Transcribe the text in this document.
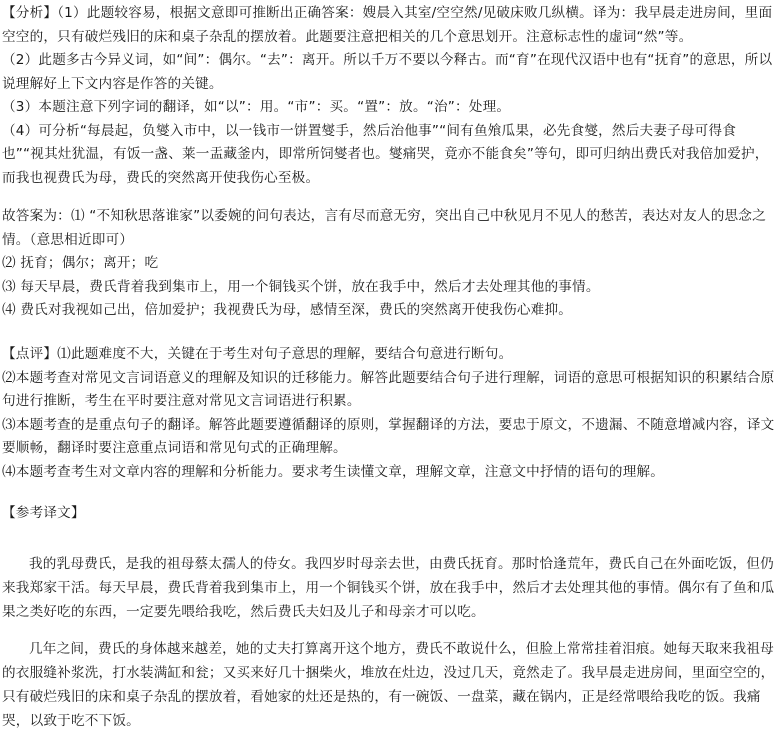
【分析】（1）此题较容易，根据文意即可推断出正确答案：嫂晨入其室/空空然/见破床败几纵横。译为：我早晨走进房间，里面空空的，只有破烂残旧的床和桌子杂乱的摆放着。此题要注意把相关的几个意思划开。注意标志性的虚词“然”等。

（2）此题多古今异义词，如“间”：偶尔。“去”：离开。所以千万不要以今释古。而“育”在现代汉语中也有“抚育”的意思，所以说理解好上下文内容是作答的关键。

（3）本题注意下列字词的翻译，如“以”：用。“市”：买。“置”：放。“治”：处理。

（4）可分析“每晨起，负燮入市中，以一钱市一饼置燮手，然后治他事”“间有鱼飧瓜果，必先食燮，然后夫妻子母可得食也”“视其灶犹温，有饭一盏、莱一盂藏釜内，即常所饲燮者也。燮痛哭，竟亦不能食矣”等句，即可归纳出费氏对我倍加爱护，而我也视费氏为母，费氏的突然离开使我伤心至极。

故答案为：⑴ “不知秋思落谁家”以委婉的问句表达，言有尽而意无穷，突出自己中秋见月不见人的愁苦，表达对友人的思念之情。（意思相近即可）

⑵ 抚育；偶尔；离开；吃

⑶ 每天早晨，费氏背着我到集市上，用一个铜钱买个饼，放在我手中，然后才去处理其他的事情。

⑷ 费氏对我视如己出，倍加爱护；我视费氏为母，感情至深，费氏的突然离开使我伤心难抑。

【点评】⑴此题难度不大，关键在于考生对句子意思的理解，要结合句意进行断句。

⑵本题考查对常见文言词语意义的理解及知识的迁移能力。解答此题要结合句子进行理解，词语的意思可根据知识的积累结合原句进行推断，考生在平时要注意对常见文言词语进行积累。

⑶本题考查的是重点句子的翻译。解答此题要遵循翻译的原则，掌握翻译的方法，要忠于原文，不遗漏、不随意增减内容，译文要顺畅，翻译时要注意重点词语和常见句式的正确理解。

⑷本题考查考生对文章内容的理解和分析能力。要求考生读懂文章，理解文章，注意文中抒情的语句的理解。

【参考译文】

我的乳母费氏，是我的祖母蔡太孺人的侍女。我四岁时母亲去世，由费氏抚育。那时恰逢荒年，费氏自己在外面吃饭，但仍来我郑家干活。每天早晨，费氏背着我到集市上，用一个铜钱买个饼，放在我手中，然后才去处理其他的事情。偶尔有了鱼和瓜果之类好吃的东西，一定要先喂给我吃，然后费氏夫妇及儿子和母亲才可以吃。

几年之间，费氏的身体越来越差，她的丈夫打算离开这个地方，费氏不敢说什么，但脸上常常挂着泪痕。她每天取来我祖母的衣服缝补浆洗，打水装满缸和瓮；又买来好几十捆柴火，堆放在灶边，没过几天，竟然走了。我早晨走进房间，里面空空的，只有破烂残旧的床和桌子杂乱的摆放着，看她家的灶还是热的，有一碗饭、一盘菜，藏在锅内，正是经常喂给我吃的饭。我痛哭，以致于吃不下饭。
